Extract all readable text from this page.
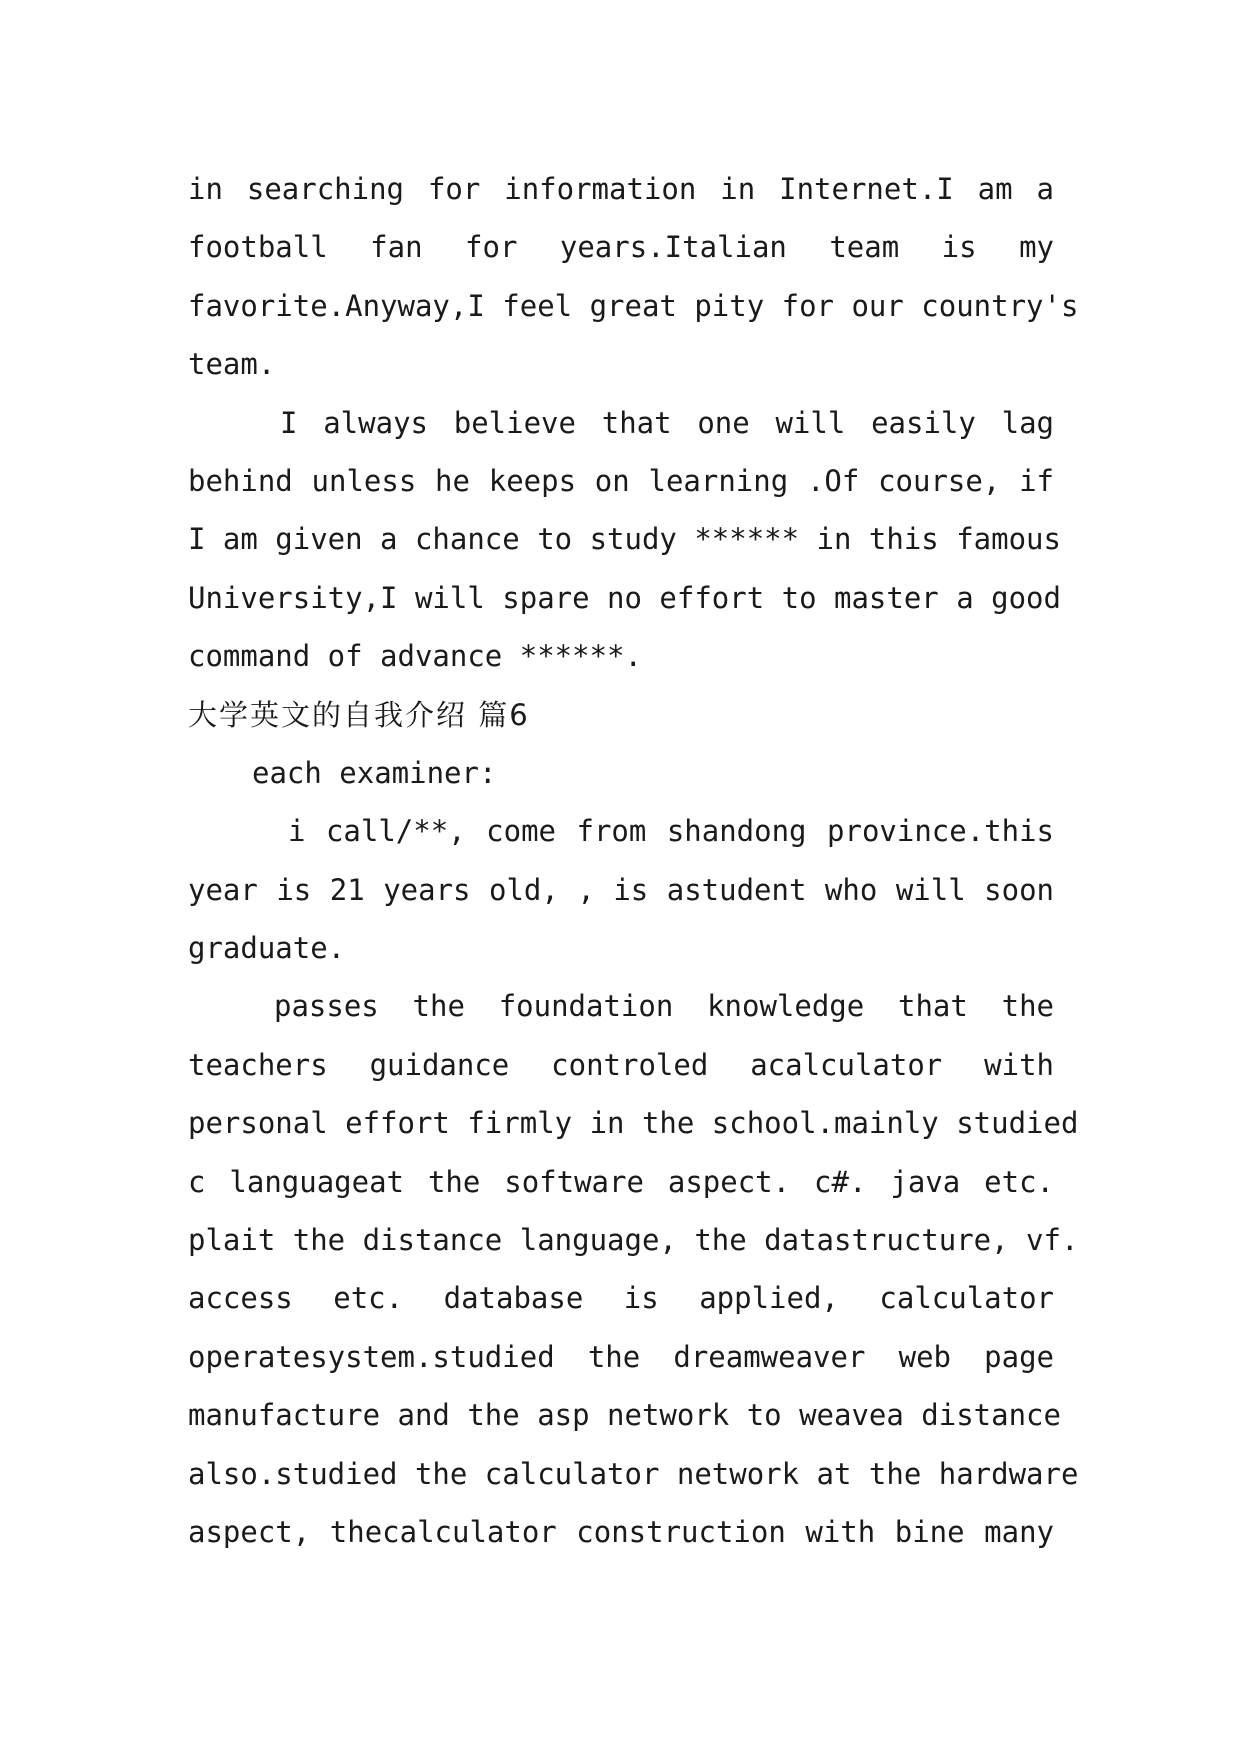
in searching for information in Internet.I am a
football fan for years.Italian team is my
favorite.Anyway,I feel great pity for our country's
team.
I always believe that one will easily lag
behind unless he keeps on learning .Of course, if
I am given a chance to study ****** in this famous
University,I will spare no effort to master a good
command of advance ******.
大学英文的自我介绍 篇6
each examiner:
i call/**, come from shandong province.this
year is 21 years old, , is astudent who will soon
graduate.
passes the foundation knowledge that the
teachers guidance controled acalculator with
personal effort firmly in the school.mainly studied
c languageat the software aspect. c#. java etc.
plait the distance language, the datastructure, vf.
access etc. database is applied, calculator
operatesystem.studied the dreamweaver web page
manufacture and the asp network to weavea distance
also.studied the calculator network at the hardware
aspect, thecalculator construction with bine many
